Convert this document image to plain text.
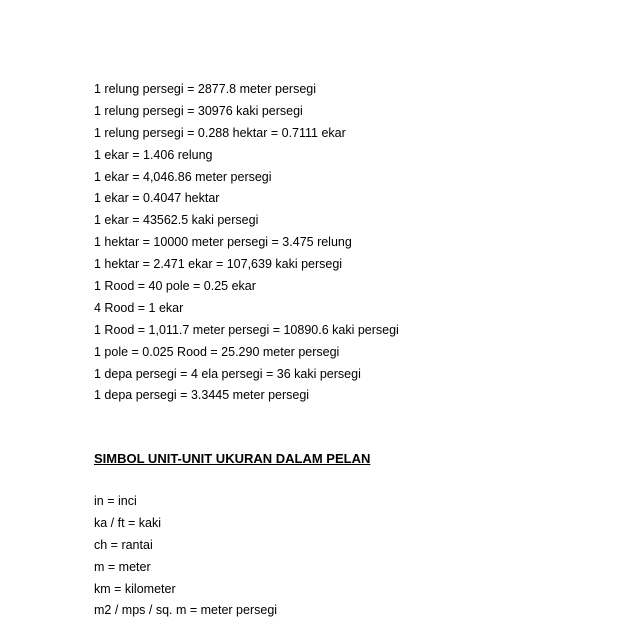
1 relung persegi = 2877.8 meter persegi
1 relung persegi = 30976 kaki persegi
1 relung persegi = 0.288 hektar = 0.7111 ekar
1 ekar = 1.406 relung
1 ekar = 4,046.86 meter persegi
1 ekar = 0.4047 hektar
1 ekar = 43562.5 kaki persegi
1 hektar = 10000 meter persegi = 3.475 relung
1 hektar = 2.471 ekar = 107,639 kaki persegi
1 Rood = 40 pole = 0.25 ekar
4 Rood = 1 ekar
1 Rood = 1,011.7 meter persegi = 10890.6 kaki persegi
1 pole = 0.025 Rood = 25.290 meter persegi
1 depa persegi = 4 ela persegi = 36 kaki persegi
1 depa persegi = 3.3445 meter persegi
SIMBOL UNIT-UNIT UKURAN DALAM PELAN
in = inci
ka / ft = kaki
ch = rantai
m = meter
km = kilometer
m2 / mps / sq. m = meter persegi
